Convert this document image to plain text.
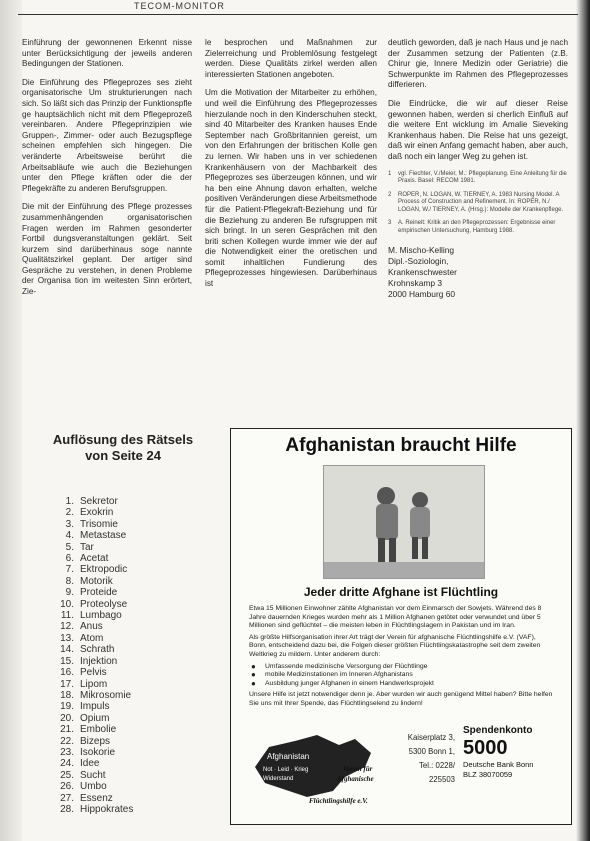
TECOM-MONITOR

Einführung der gewonnenen Erkennt nisse unter Berücksichtigung der jeweils anderen Bedingungen der Stationen.

Die Einführung des Pflegeprozes ses zieht organisatorische Um strukturierungen nach sich. So läßt sich das Prinzip der Funktionspfle ge hauptsächlich nicht mit dem Pflegeprozeß vereinbaren. Andere Pflegeprinzipien wie Gruppen-, Zimmer- oder auch Bezugspflege scheinen empfehlen sich hingegen. Die veränderte Arbeitsweise berührt die Arbeitsabläufe wie auch die Beziehungen unter den Pflege kräften oder die der Pflegekräfte zu anderen Berufsgruppen.

Die mit der Einführung des Pflege prozesses zusammenhängenden organisatorischen Fragen werden im Rahmen gesonderter Fortbil dungsveranstaltungen geklärt. Seit kurzem sind darüberhinaus soge nannte Qualitätszirkel geplant. Der artiger sind Gespräche zu verstehen, in denen Probleme der Organisa tion im weitesten Sinn erörtert, Zie-

le besprochen und Maßnahmen zur Zielerreichung und Problemlösung festgelegt werden. Diese Qualitäts zirkel werden allen interessierten Stationen angeboten.

Um die Motivation der Mitarbeiter zu erhöhen, und weil die Einführung des Pflegeprozesses hierzulande noch in den Kinderschuhen steckt, sind 40 Mitarbeiter des Kranken hauses Ende September nach Großbritannien gereist, um von den Erfahrungen der britischen Kolle gen zu lernen. Wir haben uns in ver schiedenen Krankenhäusern von der Machbarkeit des Pflegeprozes ses überzeugen können, und wir ha ben eine Ahnung davon erhalten, welche positiven Veränderungen diese Arbeitsmethode für die Patient-Pflegekraft-Beziehung und für die Beziehung zu anderen Be rufsgruppen mit sich bringt. In un seren Gesprächen mit den briti schen Kollegen wurde immer wie der auf die Notwendigkeit einer the oretischen und somit inhaltlichen Fundierung des Pflegeprozesses hingewiesen. Darüberhinaus ist

deutlich geworden, daß je nach Haus und je nach der Zusammen setzung der Patienten (z.B. Chirur gie, Innere Medizin oder Geriatrie) die Schwerpunkte im Rahmen des Pflegeprozesses differieren.

Die Eindrücke, die wir auf dieser Reise gewonnen haben, werden si cherlich Einfluß auf die weitere Ent wicklung im Amalie Sieveking Krankenhaus haben. Die Reise hat uns gezeigt, daß wir einen Anfang gemacht haben, aber auch, daß noch ein langer Weg zu gehen ist.

1	vgl. Fiechter, V./Meier, M.: Pflegeplanung. Eine Anleitung für die Praxis. Basel: RECOM 1981.
2	ROPER, N. LOGAN, W. TIERNEY, A. 1983 Nursing Model. A Process of Construction and Refinement. In: ROPER, N./ LOGAN, W./ TIERNEY, A. (Hrsg.): Modelle der Krankenpflege.
3	A. Reinelt: Kritik an den Pflegeprozessen: Ergebnisse einer empirischen Untersuchung, Hamburg 1988.
M. Mischo-Kelling
Dipl.-Soziologin,
Krankenschwester
Krohnskamp 3
2000 Hamburg 60
Auflösung des Rätsels
von Seite 24
1. Sekretor
2. Exokrin
3. Trisomie
4. Metastase
5. Tar
6. Acetat
7. Ektropodic
8. Motorik
9. Proteide
10. Proteolyse
11. Lumbago
12. Anus
13. Atom
14. Schrath
15. Injektion
16. Pelvis
17. Lipom
18. Mikrosomie
19. Impuls
20. Opium
21. Embolie
22. Bizeps
23. Isokorie
24. Idee
25. Sucht
26. Umbo
27. Essenz
28. Hippokrates
Afghanistan braucht Hilfe
Jeder dritte Afghane ist Flüchtling

Etwa 15 Millionen Einwohner zählte Afghanistan vor dem Einmarsch der Sowjets. Während des 8 Jahre dauernden Krieges wurden mehr als 1 Million Afghanen getötet oder verwundet und über 5 Millionen sind geflüchtet – die meisten leben in Flüchtlingslagern in Pakistan und im Iran.

Als größte Hilfsorganisation ihrer Art trägt der Verein für afghanische Flüchtlingshilfe e.V. (VAF), Bonn, entscheidend dazu bei, die Folgen dieser größten Flüchtlingskatastrophe seit dem zweiten Weltkrieg zu mildern. Unter anderem durch:

● Umfassende medizinische Versorgung der Flüchtlinge
● mobile Medizinstationen im Inneren Afghanistans
● Ausbildung junger Afghanen in einem Handwerksprojekt

Unsere Hilfe ist jetzt notwendiger denn je. Aber wurden wir auch genügend Mittel haben? Bitte helfen Sie uns mit Ihrer Spende, das Flüchtlingselend zu lindern!

Afghanistan
Not · Leid · Krieg
Widerstand
Verein für
Afghanische
Flüchtlingshilfe e.V.
Kaiserplatz 3,
5300 Bonn 1,
Tel.: 0228/
225503
Spendenkonto
5000
Deutsche Bank Bonn
BLZ 38070059
